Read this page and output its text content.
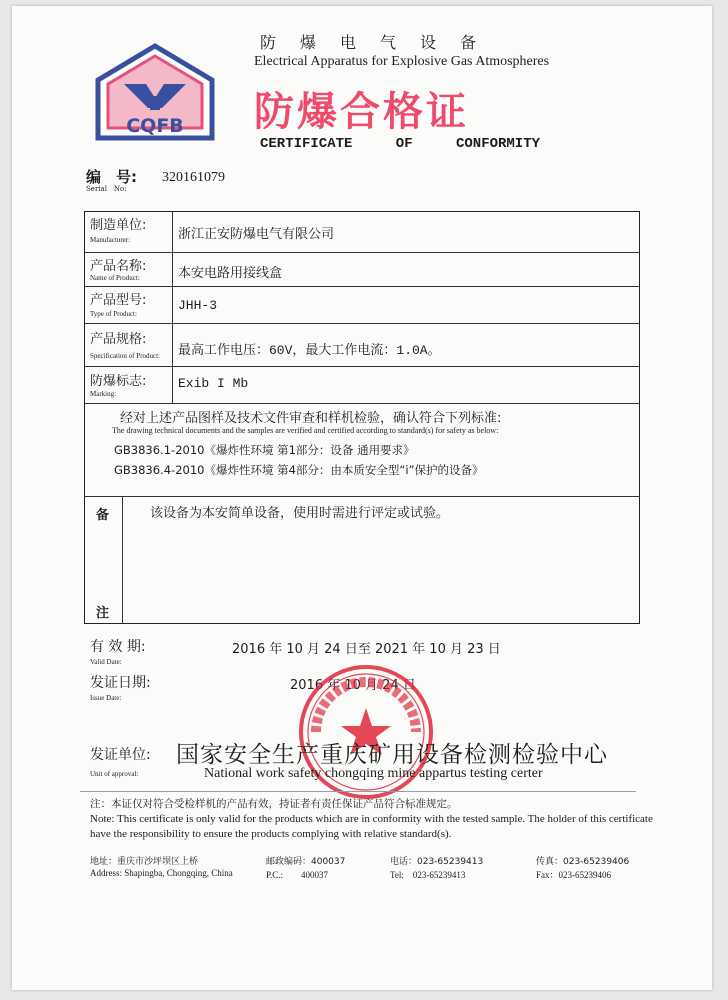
CQFB
防爆电气设备
Electrical Apparatus for Explosive Gas Atmospheres
防爆合格证
CERTIFICATE	OF	CONFORMITY
编　号:
Serial　No:
320161079
制造单位:
Manufacturer:	浙江正安防爆电气有限公司
产品名称:
Name of Product:	本安电路用接线盒
产品型号:
Type of Product:
JHH-3
产品规格:
Specification of Product: 最高工作电压：60V，最大工作电流：1.0A。
防爆标志:
Marking:
Exib I Mb
经对上述产品图样及技术文件审查和样机检验，确认符合下列标准:
The drawing technical documents and the samples are verified and certified according to standard(s) for safety as below:
GB3836.1-2010《爆炸性环境 第1部分：设备 通用要求》
GB3836.4-2010《爆炸性环境 第4部分：由本质安全型“i”保护的设备》
备
注
该设备为本安简单设备，使用时需进行评定或试验。
有 效 期:
Valid Date:
2016 年 10 月 24 日至 2021 年 10 月 23 日
发证日期:
Issue Date:
2016 年 10 月 24 日
发证单位:
Unit of approval:
国家安全生产重庆矿用设备检测检验中心
National work safety chongqing mine appartus testing certer
注：本证仅对符合受检样机的产品有效，持证者有责任保证产品符合标准规定。
Note: This certificate is only valid for the products which are in conformity with the tested sample. The holder of this certificate have the responsibility to ensure the products complying with relative standard(s).
地址：重庆市沙坪坝区上桥
Address: Shapingba, Chongqing, China
邮政编码：400037
P.C.:　　400037
电话：023-65239413
Tel:　023-65239413
传真：023-65239406
Fax：023-65239406
